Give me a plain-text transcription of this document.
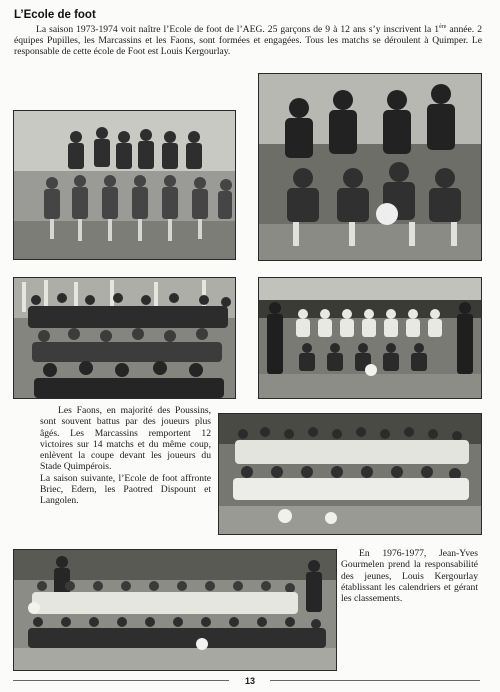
L’Ecole de foot
La saison 1973-1974 voit naître l’Ecole de foot de l’AEG. 25 garçons de 9 à 12 ans s’y inscrivent la 1ère année. 2 équipes Pupilles, les Marcassins et les Faons, sont formées et engagées. Tous les matchs se déroulent à Quimper. Le responsable de cette école de Foot est Louis Kergourlay.

Les Faons, en majorité des Poussins, sont souvent battus par des joueurs plus âgés. Les Marcassins remportent 12 victoires sur 14 matchs et du même coup, enlèvent la coupe devant les joueurs du Stade Quimpérois.

La saison suivante, l’Ecole de foot affronte Briec, Edern, les Paotred Dispount et Langolen.

En 1976-1977, Jean-Yves Gourmelen prend la responsabilité des jeunes, Louis Kergourlay établissant les calendriers et gérant les classements.

13
